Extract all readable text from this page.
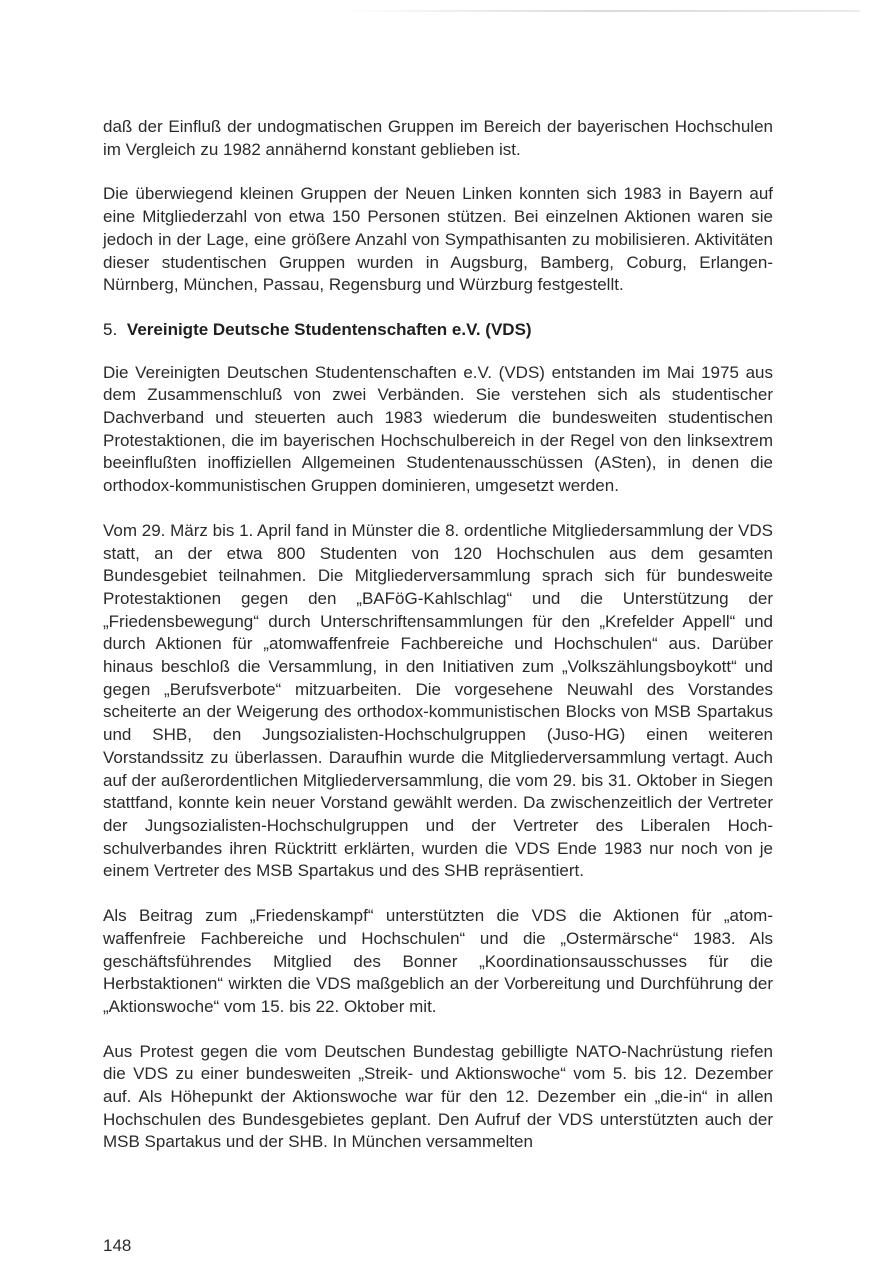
daß der Einfluß der undogmatischen Gruppen im Bereich der bayerischen Hochschulen im Vergleich zu 1982 annähernd konstant geblieben ist.

Die überwiegend kleinen Gruppen der Neuen Linken konnten sich 1983 in Bayern auf eine Mitgliederzahl von etwa 150 Personen stützen. Bei einzelnen Aktionen waren sie jedoch in der Lage, eine größere Anzahl von Sympathisanten zu mobilisieren. Aktivitäten dieser studentischen Gruppen wurden in Augsburg, Bamberg, Coburg, Erlangen-Nürnberg, München, Passau, Regensburg und Würzburg festgestellt.

5. Vereinigte Deutsche Studentenschaften e.V. (VDS)

Die Vereinigten Deutschen Studentenschaften e.V. (VDS) entstanden im Mai 1975 aus dem Zusammenschluß von zwei Verbänden. Sie verstehen sich als studentischer Dachverband und steuerten auch 1983 wiederum die bundesweiten studentischen Protestaktionen, die im bayerischen Hochschulbereich in der Regel von den linksextrem beeinflußten inoffiziellen Allgemeinen Studentenausschüssen (ASten), in denen die orthodox-kommunistischen Gruppen dominieren, umgesetzt werden.

Vom 29. März bis 1. April fand in Münster die 8. ordentliche Mitgliedersammlung der VDS statt, an der etwa 800 Studenten von 120 Hochschulen aus dem gesamten Bundesgebiet teilnahmen. Die Mitgliederversammlung sprach sich für bundesweite Protestaktionen gegen den „BAFöG-Kahlschlag“ und die Unterstützung der „Friedensbewegung“ durch Unterschriftensammlungen für den „Krefelder Appell“ und durch Aktionen für „atomwaffenfreie Fachbereiche und Hochschulen“ aus. Darüber hinaus beschloß die Versammlung, in den Initiativen zum „Volkszählungsboykott“ und gegen „Berufsverbote“ mitzuarbeiten. Die vorgesehene Neuwahl des Vorstandes scheiterte an der Weigerung des orthodox-kommunistischen Blocks von MSB Spartakus und SHB, den Jungsozialisten-Hochschulgruppen (Juso-HG) einen weiteren Vorstandssitz zu überlassen. Daraufhin wurde die Mitgliederversammlung vertagt. Auch auf der außerordentlichen Mitgliederversammlung, die vom 29. bis 31. Oktober in Siegen stattfand, konnte kein neuer Vorstand gewählt werden. Da zwischenzeitlich der Vertreter der Jungsozialisten-Hochschulgruppen und der Vertreter des Liberalen Hochschulverbandes ihren Rücktritt erklärten, wurden die VDS Ende 1983 nur noch von je einem Vertreter des MSB Spartakus und des SHB repräsentiert.

Als Beitrag zum „Friedenskampf“ unterstützten die VDS die Aktionen für „atomwaffenfreie Fachbereiche und Hochschulen“ und die „Ostermärsche“ 1983. Als geschäftsführendes Mitglied des Bonner „Koordinationsausschusses für die Herbstaktionen“ wirkten die VDS maßgeblich an der Vorbereitung und Durchführung der „Aktionswoche“ vom 15. bis 22. Oktober mit.

Aus Protest gegen die vom Deutschen Bundestag gebilligte NATO-Nachrüstung riefen die VDS zu einer bundesweiten „Streik- und Aktionswoche“ vom 5. bis 12. Dezember auf. Als Höhepunkt der Aktionswoche war für den 12. Dezember ein „die-in“ in allen Hochschulen des Bundesgebietes geplant. Den Aufruf der VDS unterstützten auch der MSB Spartakus und der SHB. In München versammelten

148
